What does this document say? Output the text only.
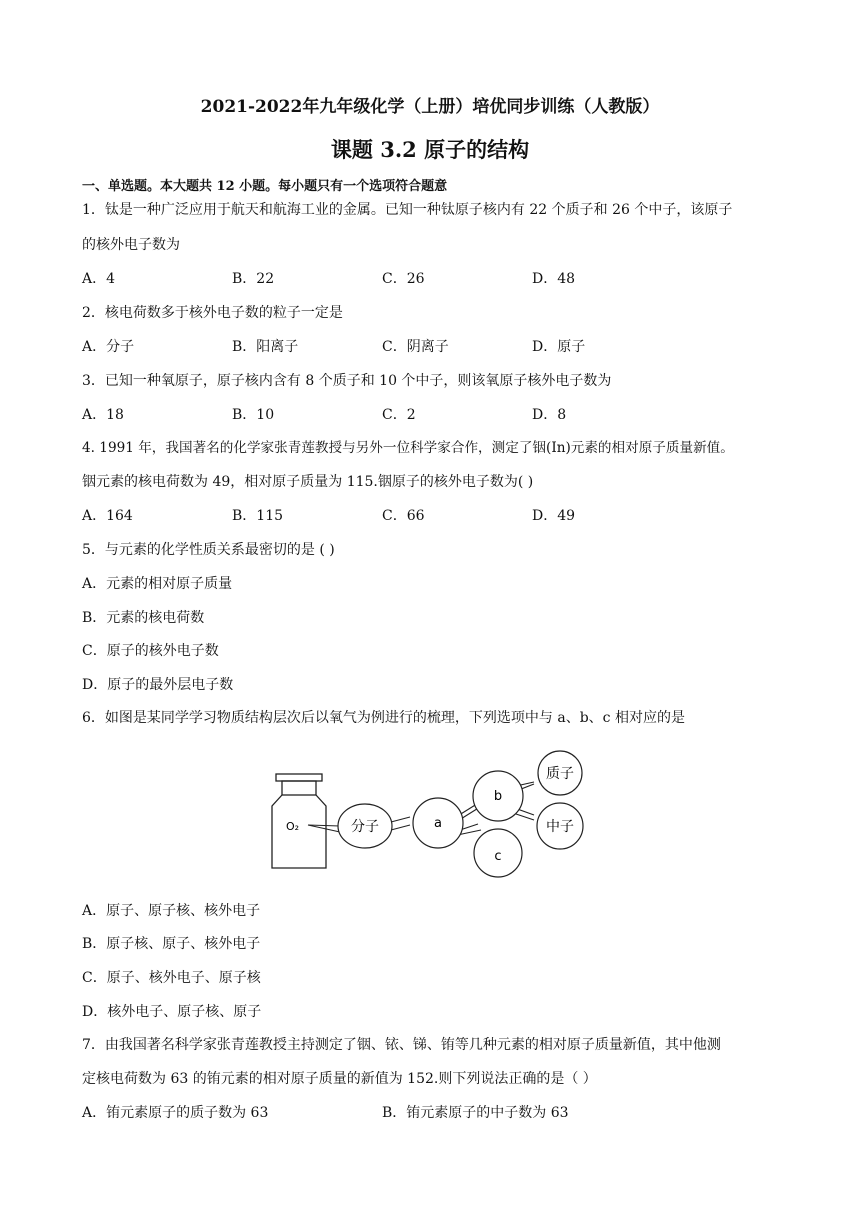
2021-2022年九年级化学（上册）培优同步训练（人教版）
课题 3.2 原子的结构
一、单选题。本大题共 12 小题。每小题只有一个选项符合题意
1．钛是一种广泛应用于航天和航海工业的金属。已知一种钛原子核内有 22 个质子和 26 个中子，该原子
的核外电子数为
A．4	B．22	C．26	D．48
2．核电荷数多于核外电子数的粒子一定是
A．分子	B．阳离子	C．阴离子	D．原子
3．已知一种氧原子，原子核内含有 8 个质子和 10 个中子，则该氧原子核外电子数为
A．18	B．10	C．2	D．8
4. 1991 年，我国著名的化学家张青莲教授与另外一位科学家合作，测定了铟(In)元素的相对原子质量新值。
铟元素的核电荷数为 49，相对原子质量为 115.铟原子的核外电子数为( )
A．164	B．115	C．66	D．49
5．与元素的化学性质关系最密切的是 ( )
A．元素的相对原子质量
B．元素的核电荷数
C．原子的核外电子数
D．原子的最外层电子数
6．如图是某同学学习物质结构层次后以氧气为例进行的梳理，下列选项中与 a、b、c 相对应的是
O₂	分子	a
b
c
质子
中子
A．原子、原子核、核外电子
B．原子核、原子、核外电子
C．原子、核外电子、原子核
D．核外电子、原子核、原子
7．由我国著名科学家张青莲教授主持测定了铟、铱、锑、铕等几种元素的相对原子质量新值，其中他测
定核电荷数为 63 的铕元素的相对原子质量的新值为 152.则下列说法正确的是（ ）
A．铕元素原子的质子数为 63	B．铕元素原子的中子数为 63
